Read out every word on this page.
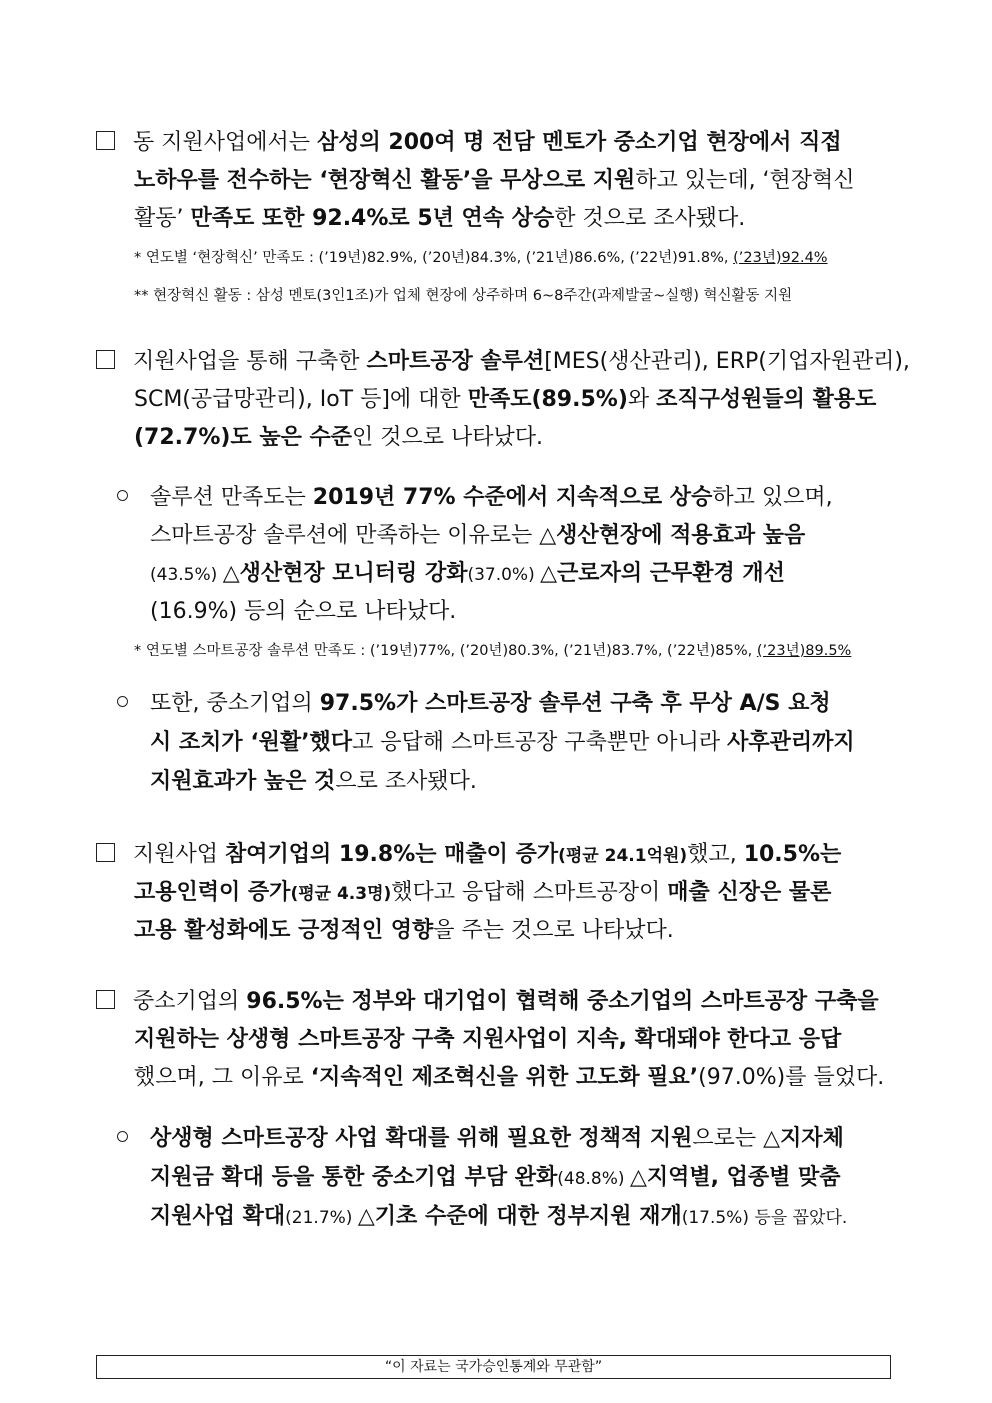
동 지원사업에서는 삼성의 200여 명 전담 멘토가 중소기업 현장에서 직접
노하우를 전수하는 ‘현장혁신 활동’을 무상으로 지원하고 있는데, ‘현장혁신
활동’ 만족도 또한 92.4%로 5년 연속 상승한 것으로 조사됐다.
* 연도별 ‘현장혁신’ 만족도 : (’19년)82.9%, (’20년)84.3%, (’21년)86.6%, (’22년)91.8%, (’23년)92.4%
** 현장혁신 활동 : 삼성 멘토(3인1조)가 업체 현장에 상주하며 6~8주간(과제발굴~실행) 혁신활동 지원
지원사업을 통해 구축한 스마트공장 솔루션[MES(생산관리), ERP(기업자원관리),
SCM(공급망관리), IoT 등]에 대한 만족도(89.5%)와 조직구성원들의 활용도
(72.7%)도 높은 수준인 것으로 나타났다.
솔루션 만족도는 2019년 77% 수준에서 지속적으로 상승하고 있으며,
스마트공장 솔루션에 만족하는 이유로는 △생산현장에 적용효과 높음
(43.5%) △생산현장 모니터링 강화(37.0%) △근로자의 근무환경 개선
(16.9%) 등의 순으로 나타났다.
* 연도별 스마트공장 솔루션 만족도 : (’19년)77%, (’20년)80.3%, (’21년)83.7%, (’22년)85%, (’23년)89.5%
또한, 중소기업의 97.5%가 스마트공장 솔루션 구축 후 무상 A/S 요청
시 조치가 ‘원활’했다고 응답해 스마트공장 구축뿐만 아니라 사후관리까지
지원효과가 높은 것으로 조사됐다.
지원사업 참여기업의 19.8%는 매출이 증가(평균 24.1억원)했고, 10.5%는
고용인력이 증가(평균 4.3명)했다고 응답해 스마트공장이 매출 신장은 물론
고용 활성화에도 긍정적인 영향을 주는 것으로 나타났다.
중소기업의 96.5%는 정부와 대기업이 협력해 중소기업의 스마트공장 구축을
지원하는 상생형 스마트공장 구축 지원사업이 지속, 확대돼야 한다고 응답
했으며, 그 이유로 ‘지속적인 제조혁신을 위한 고도화 필요’(97.0%)를 들었다.
상생형 스마트공장 사업 확대를 위해 필요한 정책적 지원으로는 △지자체
지원금 확대 등을 통한 중소기업 부담 완화(48.8%) △지역별, 업종별 맞춤
지원사업 확대(21.7%) △기초 수준에 대한 정부지원 재개(17.5%) 등을 꼽았다.
“이 자료는 국가승인통계와 무관함”
